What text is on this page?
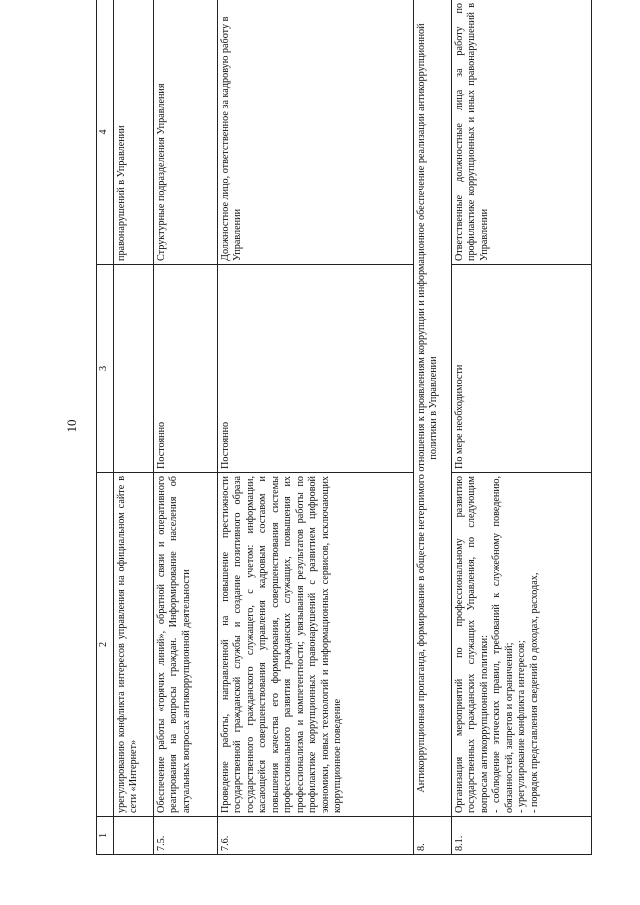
10
1	2	3	4
	урегулированию конфликта интересов управления на официальном сайте в сети «Интернет»		правонарушений в Управлении
7.5.	Обеспечение работы «горячих линий», обратной связи и оперативного реагирования на вопросы граждан. Информирование населения об актуальных вопросах антикоррупционной деятельности	Постоянно	Структурные подразделения Управления
7.6.	Проведение работы, направленной на повышение престижности государственной гражданской службы и создание позитивного образа государственного гражданского служащего, с учетом: информации, касающейся совершенствования управления кадровым составом и повышения качества его формирования, совершенствования системы профессионального развития гражданских служащих, повышения их профессионализма и компетентности; увязывания результатов работы по профилактике коррупционных правонарушений с развитием цифровой экономики, новых технологий и информационных сервисов, исключающих коррупционное поведение	Постоянно	Должностное лицо, ответственное за кадровую работу в Управлении
8.	Антикоррупционная пропаганда, формирование в обществе нетерпимого отношения к проявлениям коррупции и информационное обеспечение реализации антикоррупционной политики в Управлении		
8.1.	Организация мероприятий по профессиональному развитию государственных гражданских служащих Управления, по следующим вопросам антикоррупционной политики: - соблюдение этических правил, требований к служебному поведению, обязанностей, запретов и ограничений; - урегулирование конфликта интересов; - порядок представления сведений о доходах, расходах,	По мере необходимости	Ответственные должностные лица за работу по профилактике коррупционных и иных правонарушений в Управлении
